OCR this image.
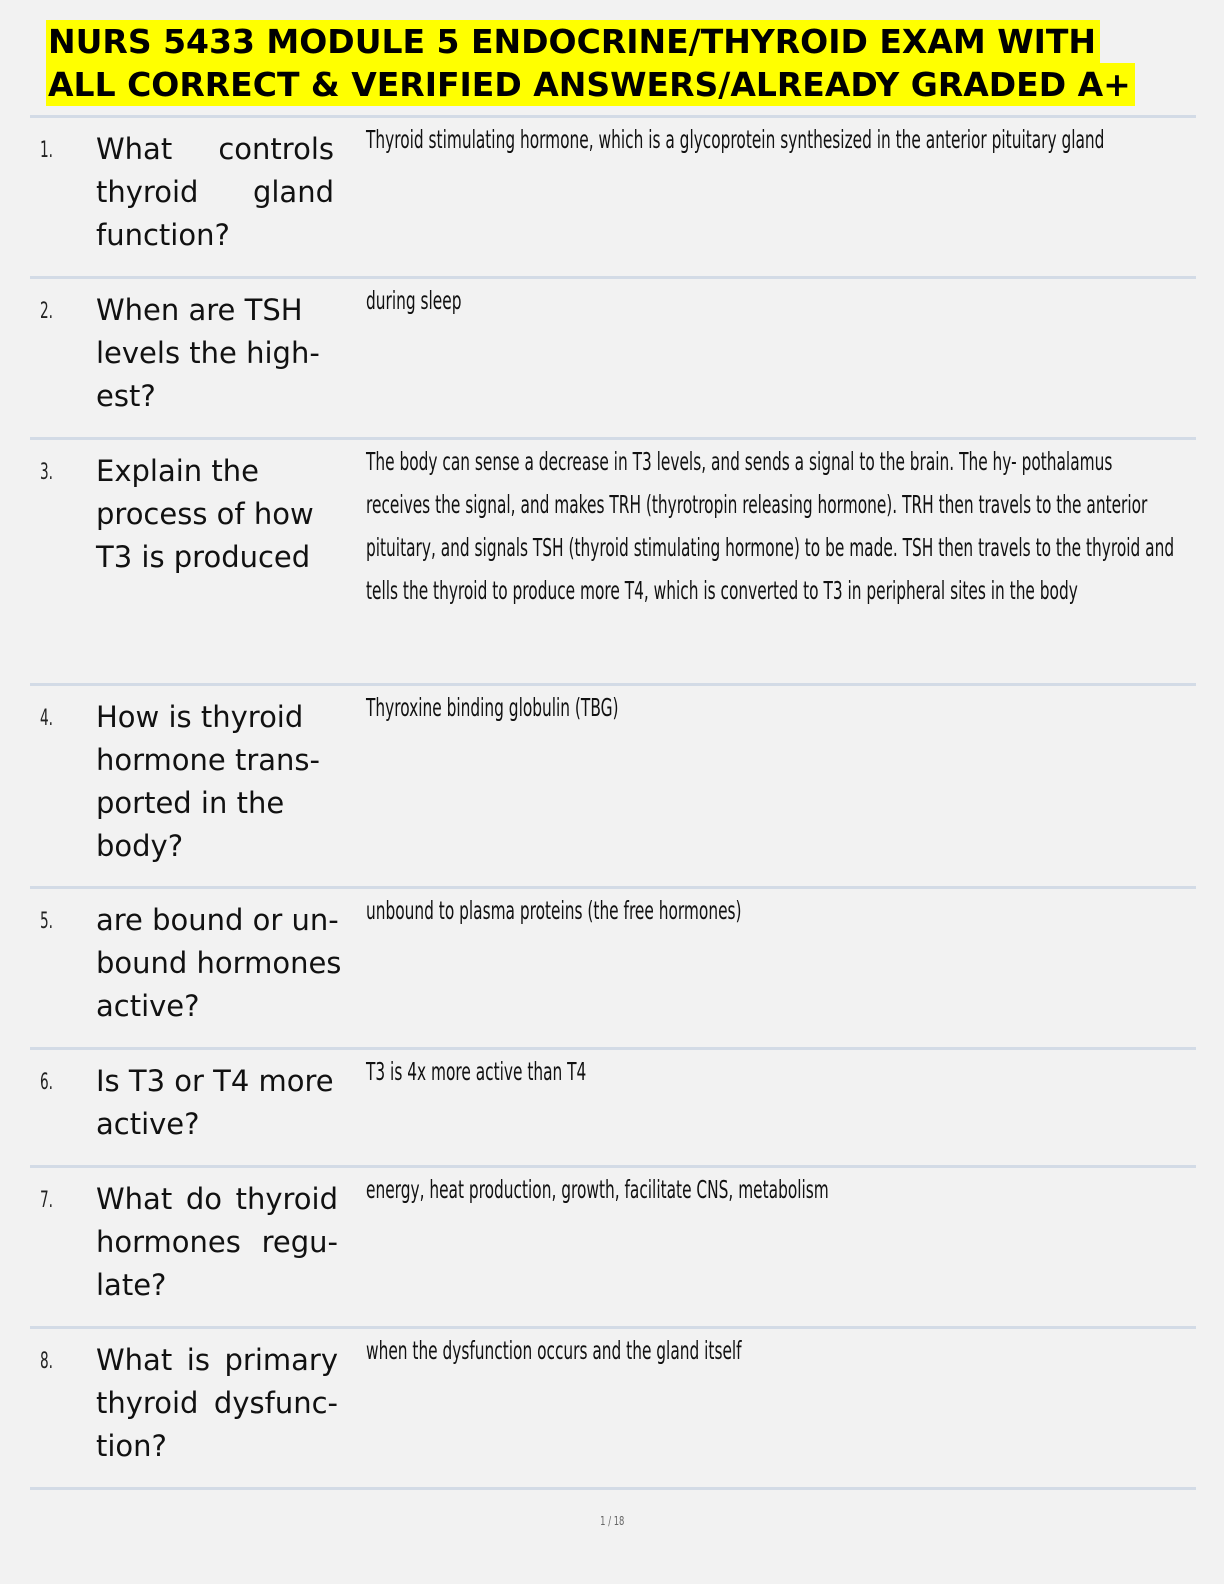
NURS 5433 MODULE 5 ENDOCRINE/THYROID EXAM WITH
ALL CORRECT & VERIFIED ANSWERS/ALREADY GRADED A+
1. What controls thyroid gland function?
Thyroid stimulating hormone, which is a glycoprotein synthesized in the anterior pituitary gland
2. When are TSH levels the high- est?
during sleep
3. Explain the process of how T3 is produced
The body can sense a decrease in T3 levels, and sends a signal to the brain. The hy- pothalamus receives the signal, and makes TRH (thyrotropin releasing hormone). TRH then travels to the anterior pituitary, and signals TSH (thyroid stimulating hormone) to be made. TSH then travels to the thyroid and tells the thyroid to produce more T4, which is converted to T3 in peripheral sites in the body
4. How is thyroid hormone trans- ported in the body?
Thyroxine binding globulin (TBG)
5. are bound or un- bound hormones active?
unbound to plasma proteins (the free hormones)
6. Is T3 or T4 more active?
T3 is 4x more active than T4
7. What do thyroid hormones regu- late?
energy, heat production, growth, facilitate CNS, metabolism
8. What is primary thyroid dysfunc- tion?
when the dysfunction occurs and the gland itself
1 / 18
